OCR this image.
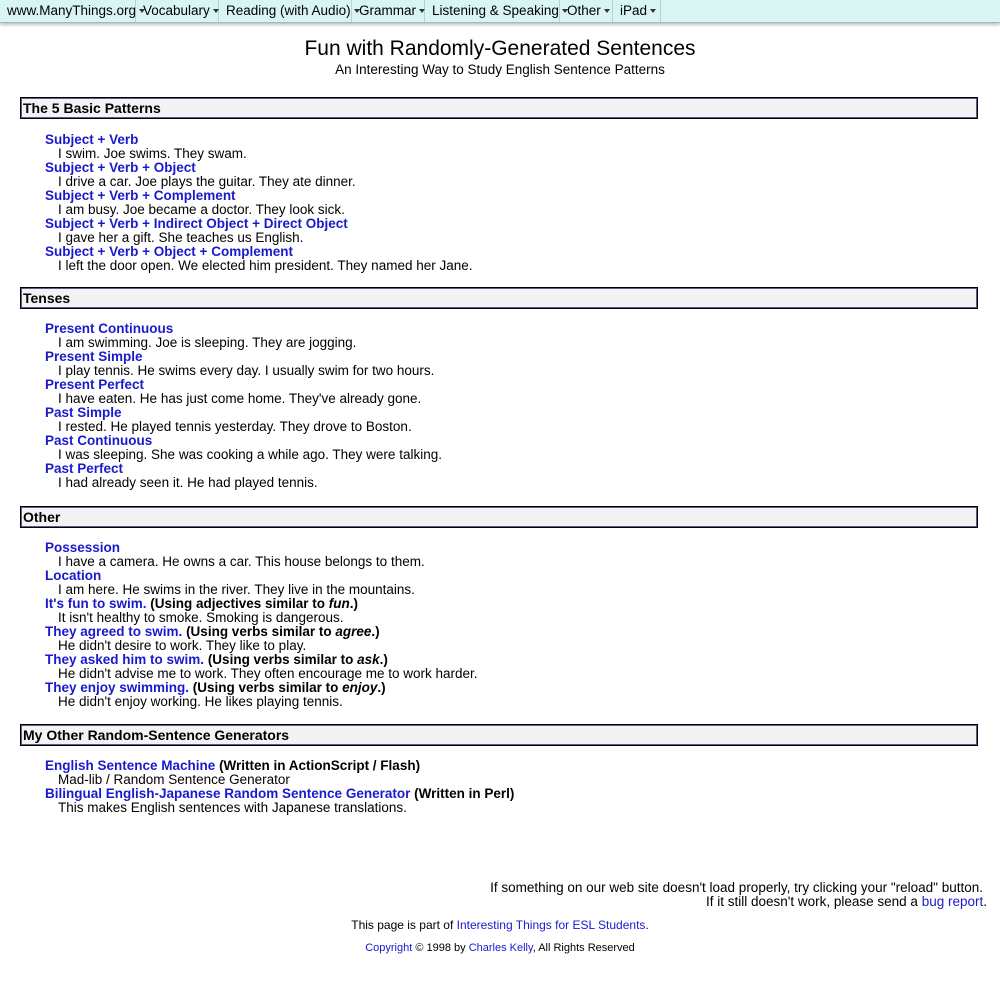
www.ManyThings.org Vocabulary	Reading (with Audio) Grammar	Listening & Speaking Other	iPad
Fun with Randomly-Generated Sentences
An Interesting Way to Study English Sentence Patterns
The 5 Basic Patterns
Subject + Verb
I swim. Joe swims. They swam.
Subject + Verb + Object
I drive a car. Joe plays the guitar. They ate dinner.
Subject + Verb + Complement
I am busy. Joe became a doctor. They look sick.
Subject + Verb + Indirect Object + Direct Object
I gave her a gift. She teaches us English.
Subject + Verb + Object + Complement
I left the door open. We elected him president. They named her Jane.
Tenses
Present Continuous
I am swimming. Joe is sleeping. They are jogging.
Present Simple
I play tennis. He swims every day. I usually swim for two hours.
Present Perfect
I have eaten. He has just come home. They've already gone.
Past Simple
I rested. He played tennis yesterday. They drove to Boston.
Past Continuous
I was sleeping. She was cooking a while ago. They were talking.
Past Perfect
I had already seen it. He had played tennis.
Other
Possession
I have a camera. He owns a car. This house belongs to them.
Location
I am here. He swims in the river. They live in the mountains.
It's fun to swim. (Using adjectives similar to fun.)
It isn't healthy to smoke. Smoking is dangerous.
They agreed to swim. (Using verbs similar to agree.)
He didn't desire to work. They like to play.
They asked him to swim. (Using verbs similar to ask.)
He didn't advise me to work. They often encourage me to work harder.
They enjoy swimming. (Using verbs similar to enjoy.)
He didn't enjoy working. He likes playing tennis.
My Other Random-Sentence Generators
English Sentence Machine (Written in ActionScript / Flash)
Mad-lib / Random Sentence Generator
Bilingual English-Japanese Random Sentence Generator (Written in Perl)
This makes English sentences with Japanese translations.
If something on our web site doesn't load properly, try clicking your "reload" button.
If it still doesn't work, please send a bug report.
This page is part of Interesting Things for ESL Students.
Copyright © 1998 by Charles Kelly, All Rights Reserved
